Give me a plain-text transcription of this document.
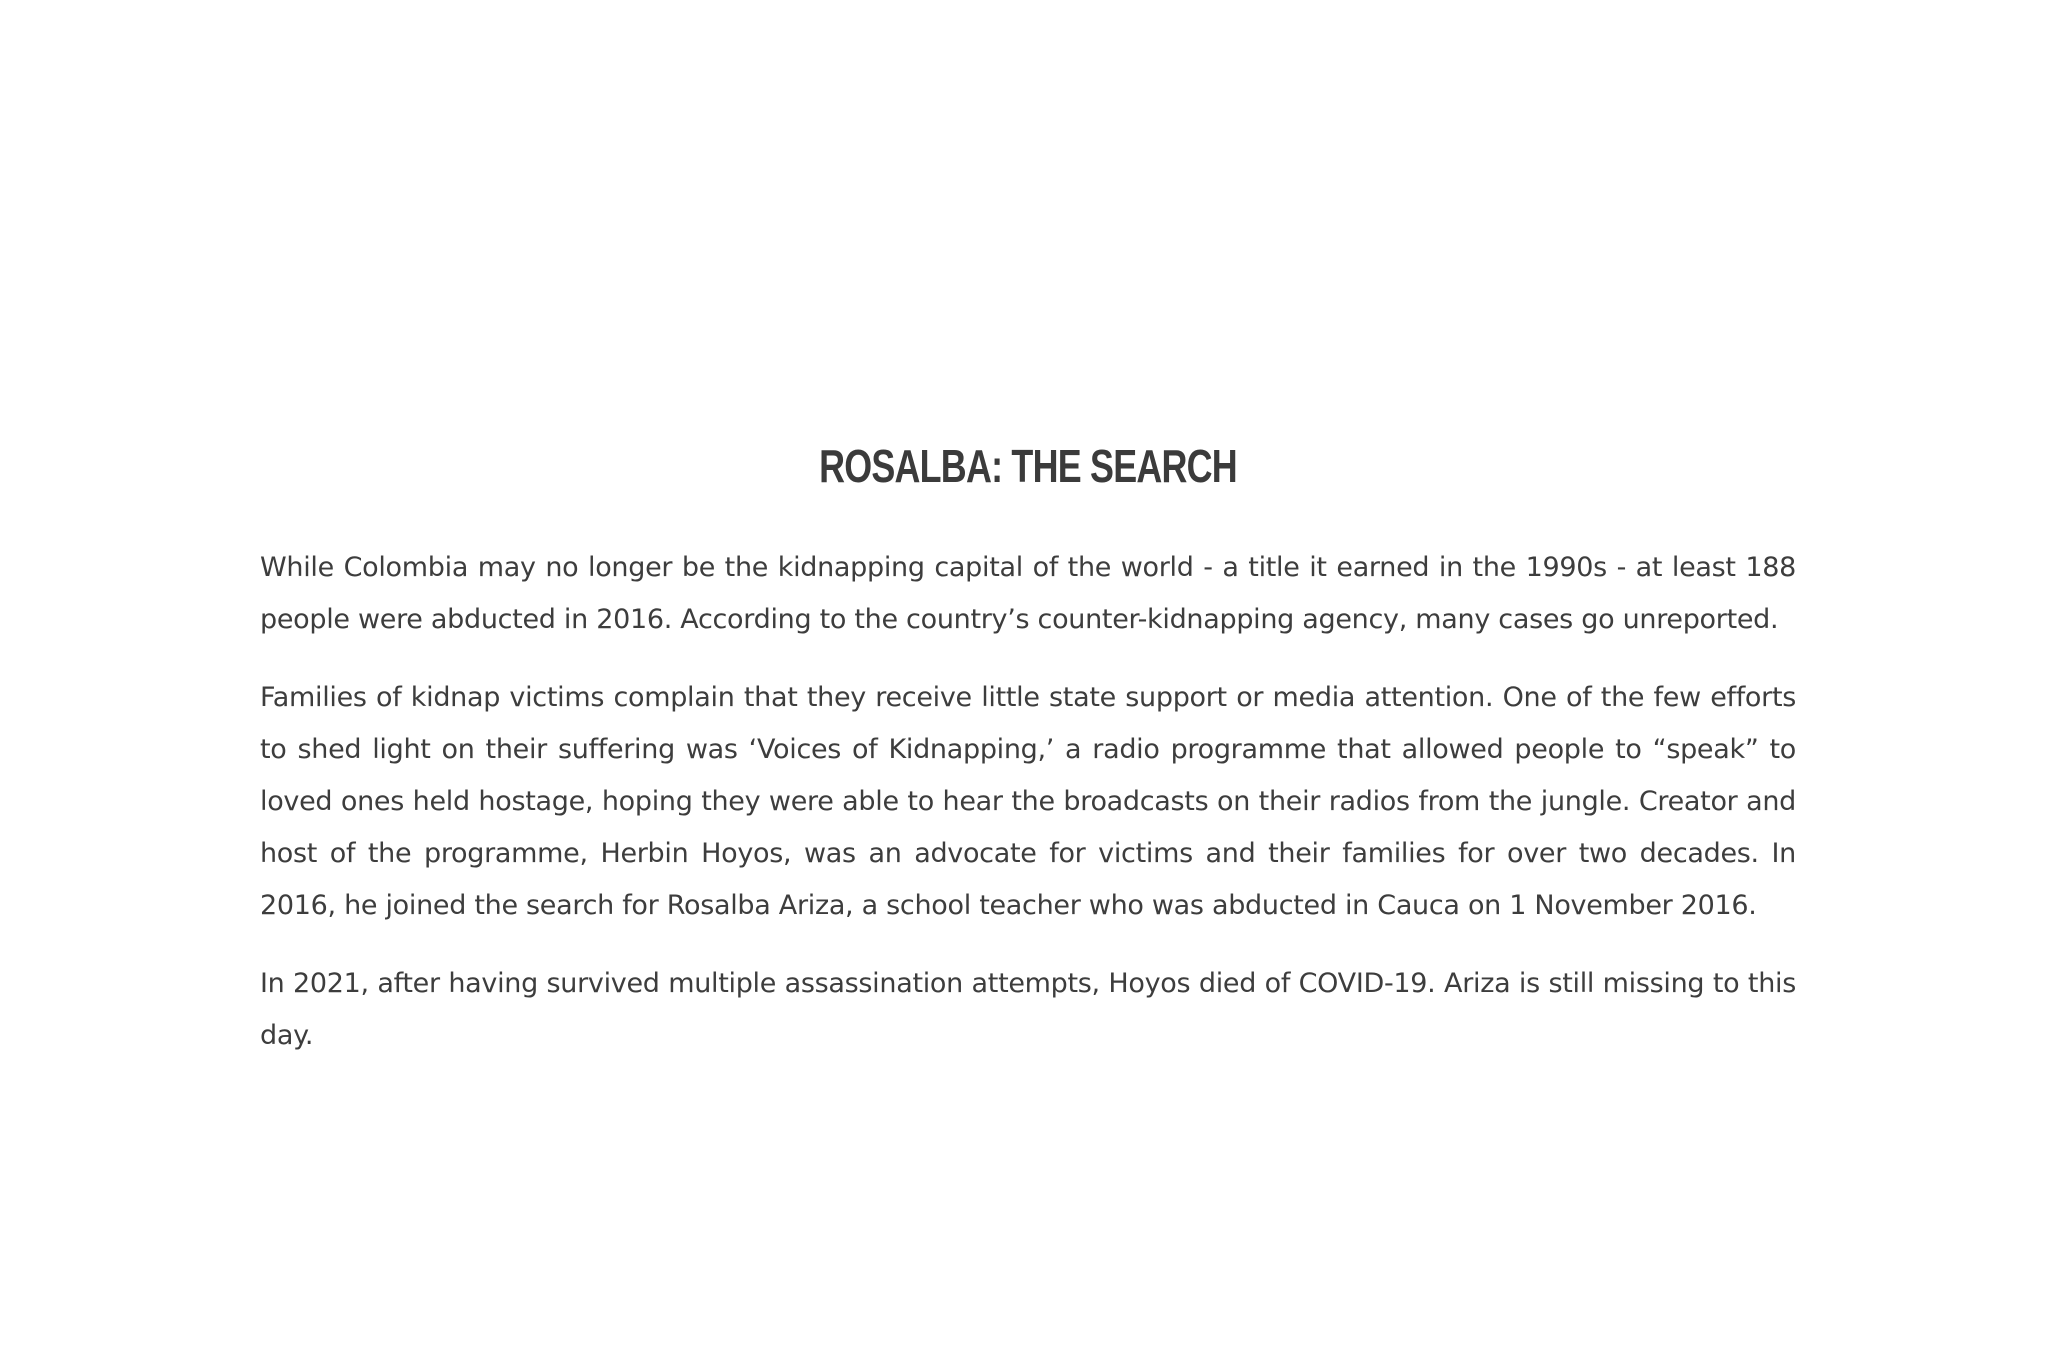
ROSALBA: THE SEARCH

While Colombia may no longer be the kidnapping capital of the world - a title it earned in the 1990s - at least 188 people were abducted in 2016. According to the country’s counter-kidnapping agency, many cases go unreported.

Families of kidnap victims complain that they receive little state support or media attention. One of the few efforts to shed light on their suffering was ‘Voices of Kidnapping,’ a radio programme that allowed people to “speak” to loved ones held hostage, hoping they were able to hear the broadcasts on their radios from the jungle. Creator and host of the programme, Herbin Hoyos, was an advocate for victims and their families for over two decades. In 2016, he joined the search for Rosalba Ariza, a school teacher who was abducted in Cauca on 1 November 2016.

In 2021, after having survived multiple assassination attempts, Hoyos died of COVID-19. Ariza is still missing to this day.
